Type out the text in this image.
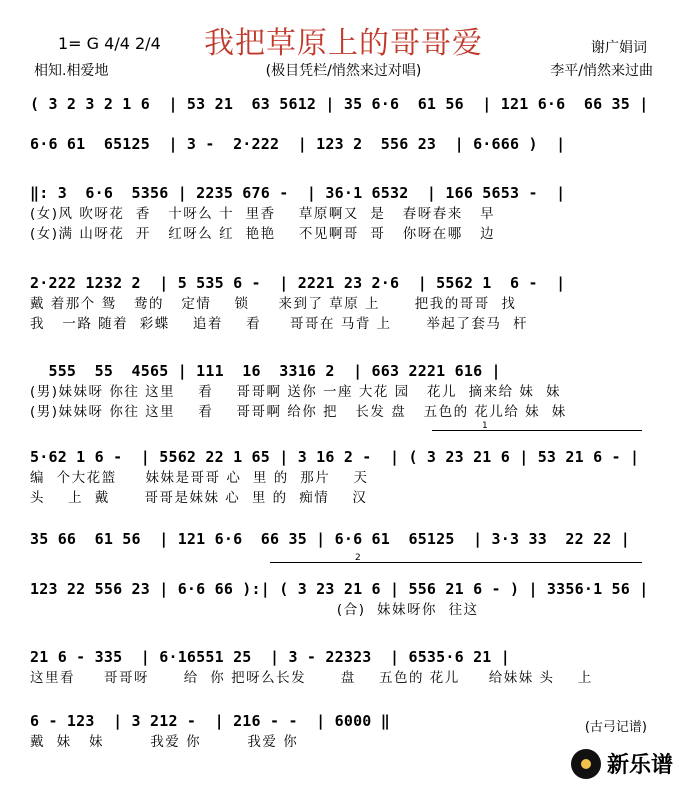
我把草原上的哥哥爱
1= G 4/4 2/4
相知.相爱地	(极目凭栏/悄然来过对唱)
谢广娟词
李平/悄然来过曲
( 3 2 3 2 1 6  | 53 21  63 5612 | 35 6·6  61 56  | 121 6·6  66 35 |
6·6 61  65125  | 3 -  2·222  | 123 2  556 23  | 6·666 )  |
‖: 3  6·6  5356 | 2235 676 -  | 36·1 6532  | 166 5653 -  |
(女)风 吹呀花  香   十呀么 十  里香    草原啊又  是   春呀春来   早
(女)满 山呀花  开   红呀么 红  艳艳    不见啊哥  哥   你呀在哪   边
2·222 1232 2  | 5 535 6 -  | 2221 23 2·6  | 5562 1  6 -  |
戴 着那个 鸳   鸯的   定情    锁     来到了 草原 上      把我的哥哥  找
我   一路 随着  彩蝶    追着    看     哥哥在 马背 上      举起了套马  杆
555  55  4565 | 111  16  3316 2  | 663 2221 616 |
(男)妹妹呀 你往 这里    看    哥哥啊 送你 一座 大花 园   花儿  摘来给 妹  妹
(男)妹妹呀 你往 这里    看    哥哥啊 给你 把   长发 盘   五色的 花儿给 妹  妹
1
5·62 1 6 -  | 5562 22 1 65 | 3 16 2 -  | ( 3 23 21 6 | 53 21 6 - |
编  个大花篮     妹妹是哥哥 心  里 的  那片    天
头    上  戴      哥哥是妹妹 心  里 的  痴情    汉
35 66  61 56  | 121 6·6  66 35 | 6·6 61  65125  | 3·3 33  22 22 |
2
123 22 556 23 | 6·6 66 ):| ( 3 23 21 6 | 556 21 6 - ) | 3356·1 56 |
(合)  妹妹呀你  往这
21 6 - 335  | 6·16551 25  | 3 - 22323  | 6535·6 21 |
这里看     哥哥呀      给  你 把呀么长发      盘    五色的 花儿     给妹妹 头    上
6 - 123  | 3 212 -  | 216 - -  | 6000 ‖
戴  妹   妹        我爱 你        我爱 你
(古弓记谱)
新乐谱
